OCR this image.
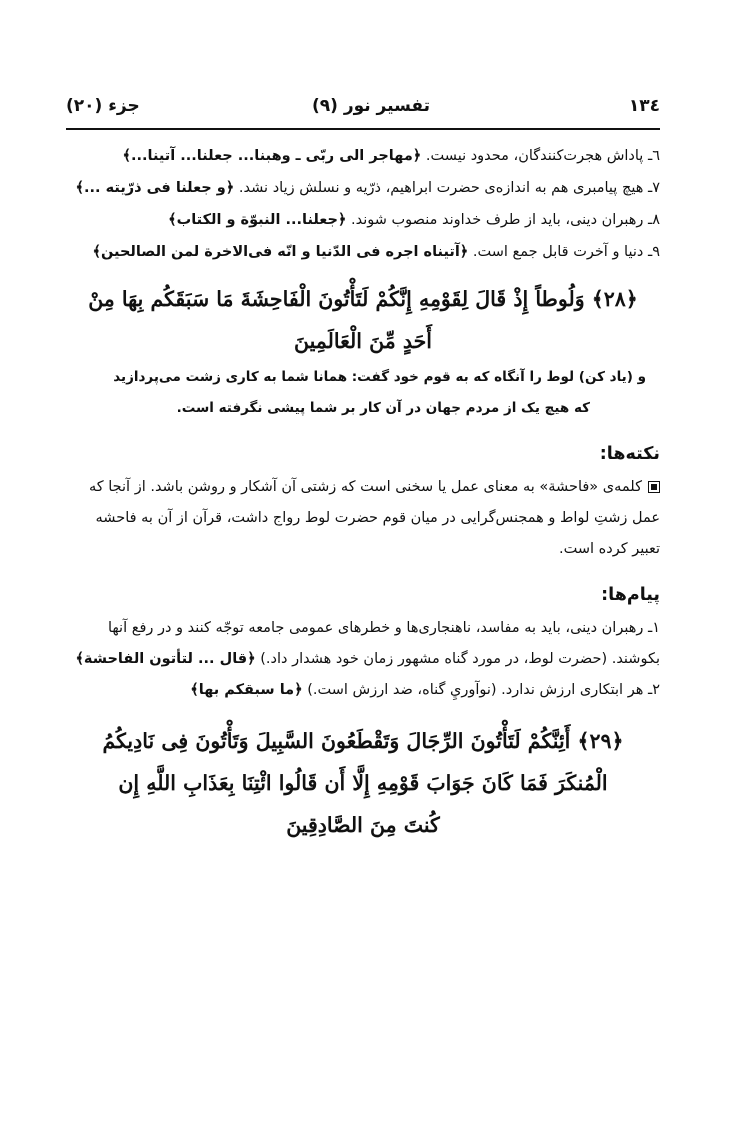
١٣٤
تفسير نور (٩)
جزء (٢٠)

٦ـ پاداش هجرت‌كنندگان، محدود نيست. ﴿مهاجر الى ربّى ـ وهبنا... جعلنا... آتينا...﴾

٧ـ هيچ پيامبرى هم به اندازه‌ى حضرت ابراهيم، ذرّيه و نسلش زياد نشد. ﴿و جعلنا فى ذرّيته ...﴾

٨ـ رهبران دينى، بايد از طرف خداوند منصوب شوند. ﴿جعلنا... النبوّة و الكتاب﴾

٩ـ دنيا و آخرت قابل جمع است. ﴿آتيناه اجره فى الدّنيا و انّه فى‌الاخرة لمن الصالحين﴾

﴿٢٨﴾ وَلُوطاً إِذْ قَالَ لِقَوْمِهِ إِنَّكُمْ لَتَأْتُونَ الْفَاحِشَةَ مَا سَبَقَكُم بِهَا مِنْ
أَحَدٍ مِّنَ الْعَالَمِينَ

و (ياد كن) لوط را آنگاه كه به قوم خود گفت: همانا شما به كارى زشت مى‌پردازيد

كه هيچ يک از مردم جهان در آن كار بر شما پيشى نگرفته است.

نكته‌ها:

كلمه‌ى «فاحشة» به معناى عمل يا سخنى است كه زشتى آن آشكار و روشن باشد. از آنجا كه عمل زشتِ لواط و همجنس‌گرايى در ميان قوم حضرت لوط رواج داشت، قرآن از آن به فاحشه تعبير كرده است.

پيام‌ها:

١ـ رهبران دينى، بايد به مفاسد، ناهنجارى‌ها و خطرهاى عمومى جامعه توجّه كنند و در رفع آنها بكوشند. (حضرت لوط، در مورد گناه مشهور زمان خود هشدار داد.) ﴿قال ... لتأتون الفاحشة﴾

٢ـ هر ابتكارى ارزش ندارد. (نوآوريِ گناه، ضد ارزش است.) ﴿ما سبقكم بها﴾

﴿٢٩﴾ أَئِنَّكُمْ لَتَأْتُونَ الرِّجَالَ وَتَقْطَعُونَ السَّبِيلَ وَتَأْتُونَ فِى نَادِيكُمُ
الْمُنكَرَ فَمَا كَانَ جَوَابَ قَوْمِهِ إِلَّا أَن قَالُوا ائْتِنَا بِعَذَابِ اللَّهِ إِن
كُنتَ مِنَ الصَّادِقِينَ
